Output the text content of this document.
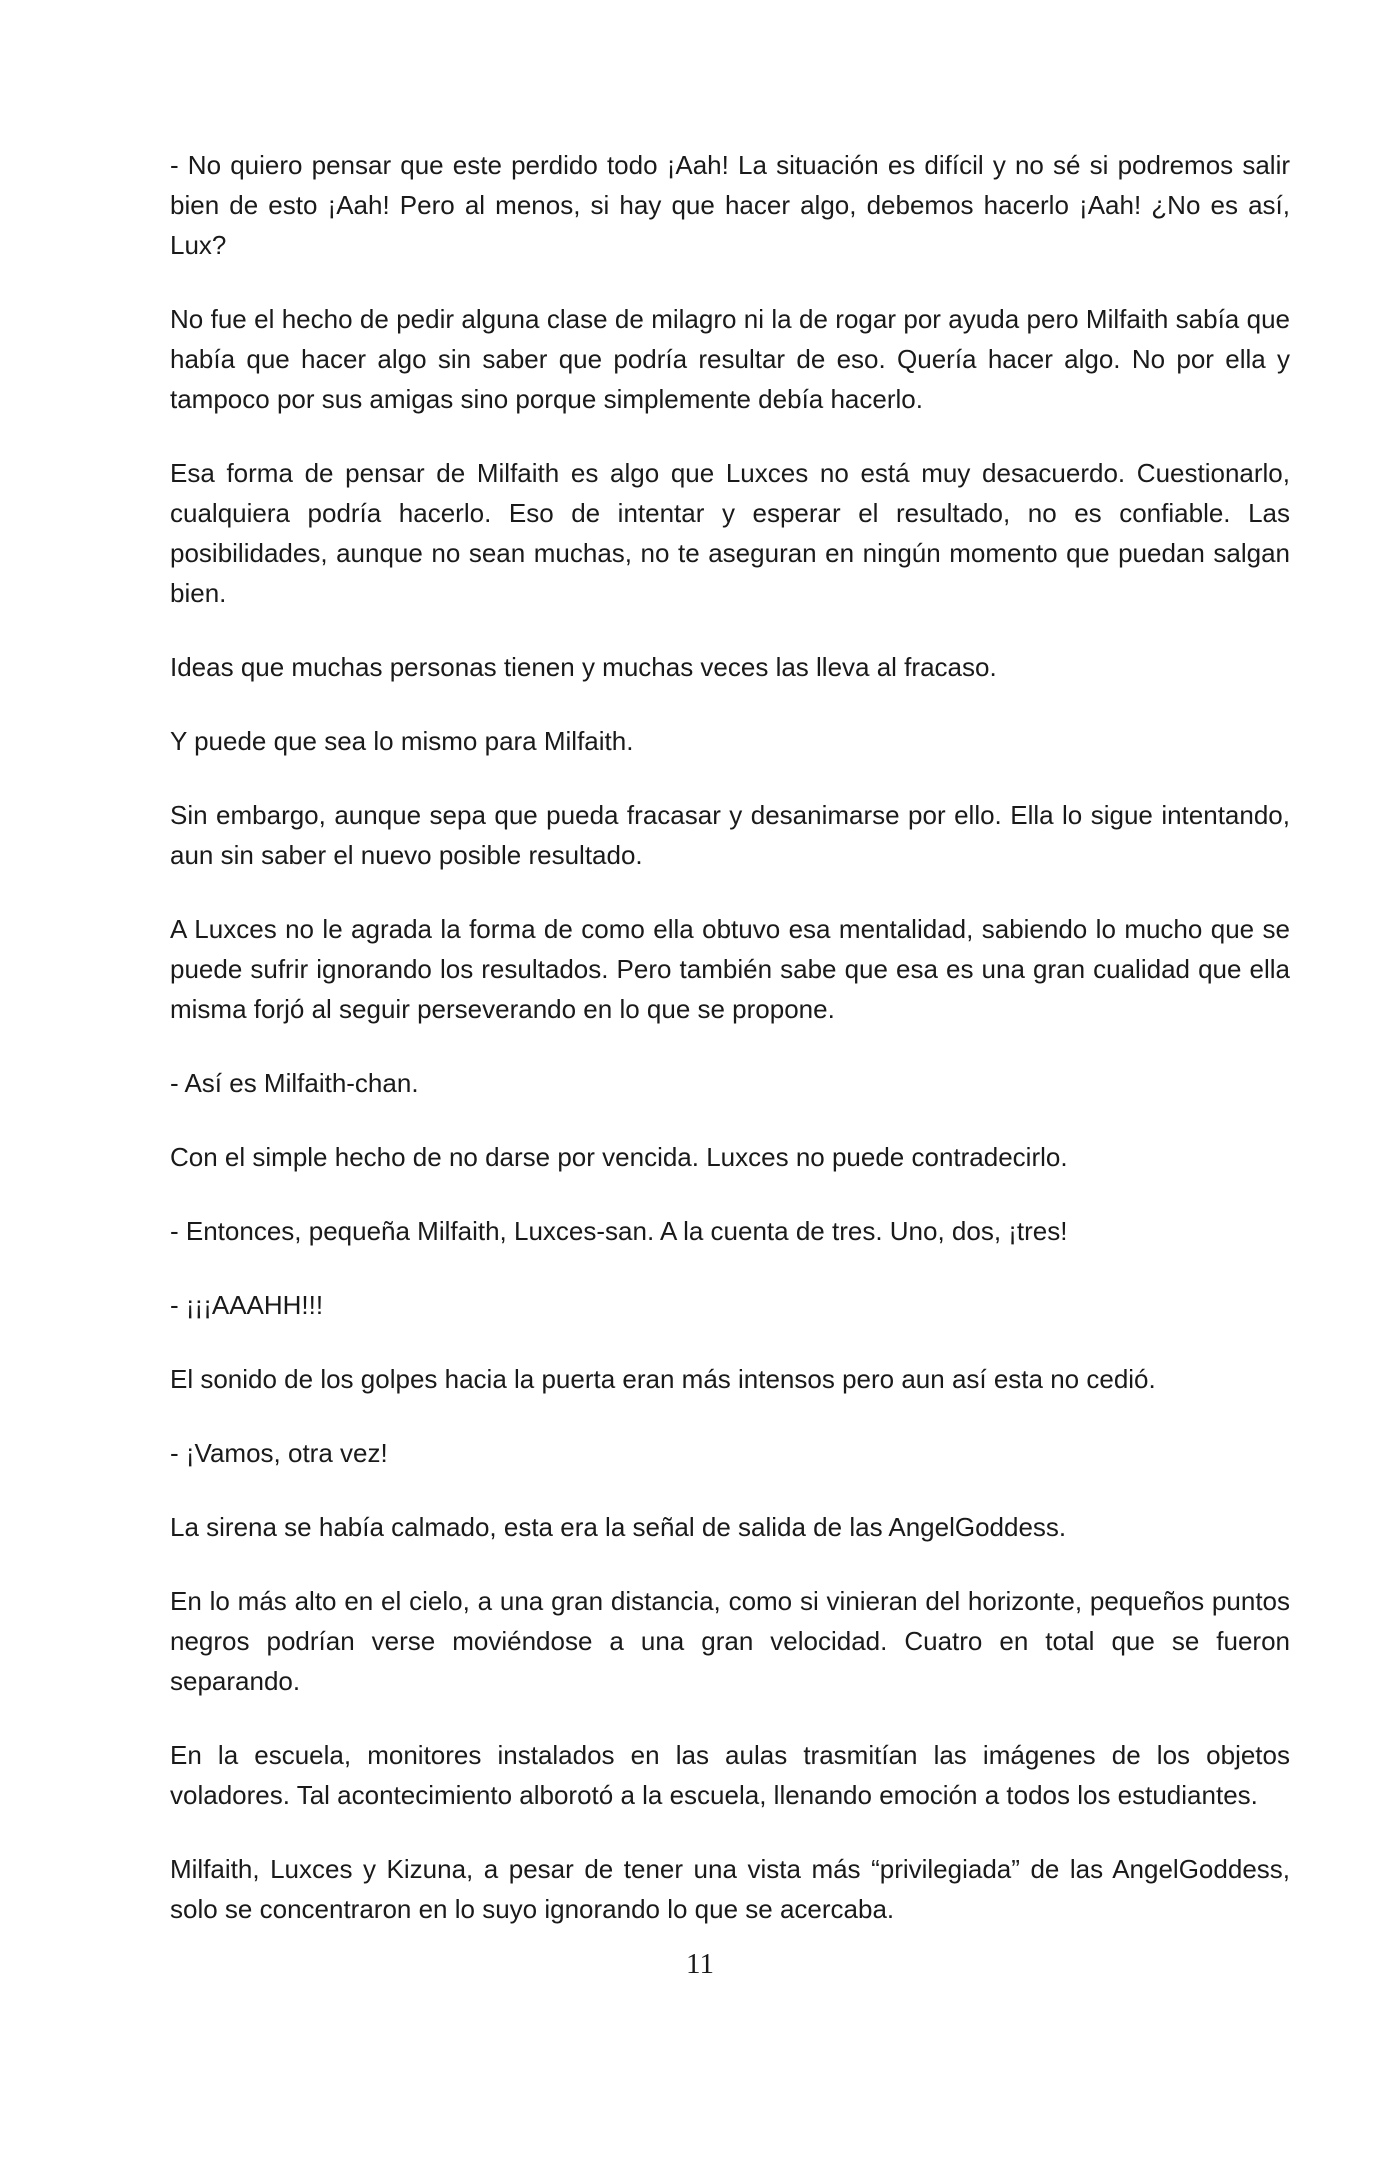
- No quiero pensar que este perdido todo ¡Aah! La situación es difícil y no sé si podremos salir bien de esto ¡Aah! Pero al menos, si hay que hacer algo, debemos hacerlo ¡Aah! ¿No es así, Lux?

No fue el hecho de pedir alguna clase de milagro ni la de rogar por ayuda pero Milfaith sabía que había que hacer algo sin saber que podría resultar de eso. Quería hacer algo. No por ella y tampoco por sus amigas sino porque simplemente debía hacerlo.

Esa forma de pensar de Milfaith es algo que Luxces no está muy desacuerdo. Cuestionarlo, cualquiera podría hacerlo. Eso de intentar y esperar el resultado, no es confiable. Las posibilidades, aunque no sean muchas, no te aseguran en ningún momento que puedan salgan bien.

Ideas que muchas personas tienen y muchas veces las lleva al fracaso.

Y puede que sea lo mismo para Milfaith.

Sin embargo, aunque sepa que pueda fracasar y desanimarse por ello. Ella lo sigue intentando, aun sin saber el nuevo posible resultado.

A Luxces no le agrada la forma de como ella obtuvo esa mentalidad, sabiendo lo mucho que se puede sufrir ignorando los resultados. Pero también sabe que esa es una gran cualidad que ella misma forjó al seguir perseverando en lo que se propone.

- Así es Milfaith-chan.

Con el simple hecho de no darse por vencida. Luxces no puede contradecirlo.

- Entonces, pequeña Milfaith, Luxces-san. A la cuenta de tres. Uno, dos, ¡tres!

- ¡¡¡AAAHH!!!

El sonido de los golpes hacia la puerta eran más intensos pero aun así esta no cedió.

- ¡Vamos, otra vez!

La sirena se había calmado, esta era la señal de salida de las AngelGoddess.

En lo más alto en el cielo, a una gran distancia, como si vinieran del horizonte, pequeños puntos negros podrían verse moviéndose a una gran velocidad. Cuatro en total que se fueron separando.

En la escuela, monitores instalados en las aulas trasmitían las imágenes de los objetos voladores. Tal acontecimiento alborotó a la escuela, llenando emoción a todos los estudiantes.

Milfaith, Luxces y Kizuna, a pesar de tener una vista más “privilegiada” de las AngelGoddess, solo se concentraron en lo suyo ignorando lo que se acercaba.

11
